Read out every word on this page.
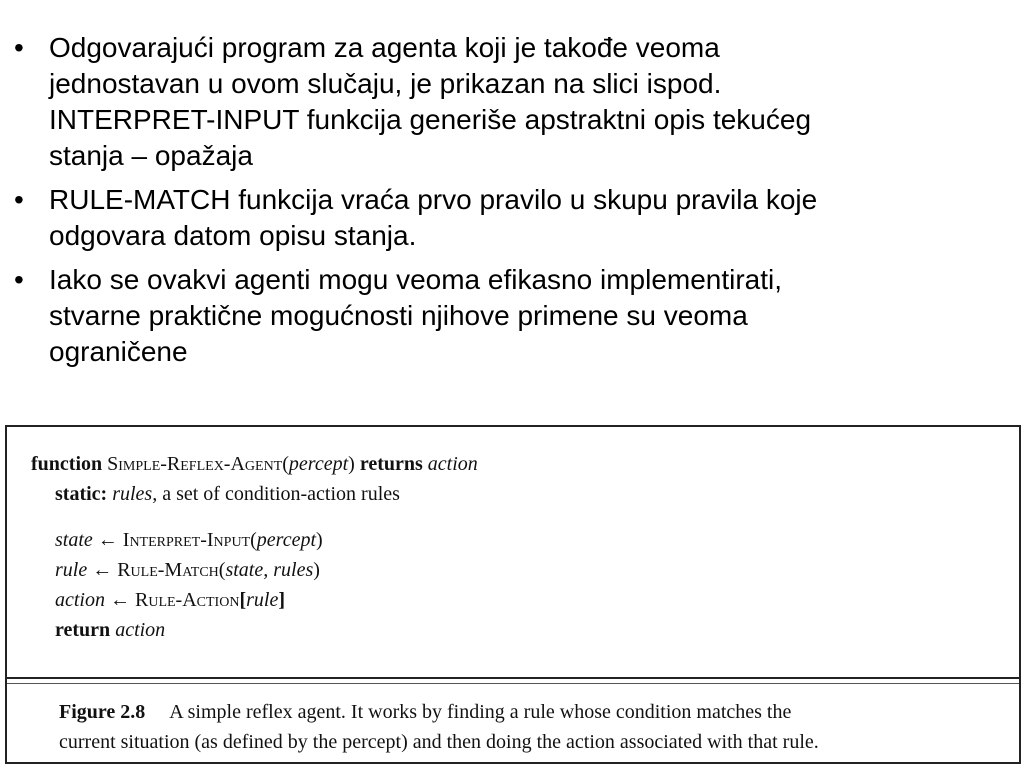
• Odgovarajući program za agenta koji je takođe veoma
jednostavan u ovom slučaju, je prikazan na slici ispod.
INTERPRET-INPUT funkcija generiše apstraktni opis tekućeg
stanja – opažaja
• RULE-MATCH funkcija vraća prvo pravilo u skupu pravila koje
odgovara datom opisu stanja.
• Iako se ovakvi agenti mogu veoma efikasno implementirati,
stvarne praktične mogućnosti njihove primene su veoma
ograničene
function Simple-Reflex-Agent(percept) returns action
static: rules, a set of condition-action rules
state ← Interpret-Input(percept)
rule ← Rule-Match(state, rules)
action ← Rule-Action[rule]
return action
Figure 2.8 A simple reflex agent. It works by finding a rule whose condition matches the
current situation (as defined by the percept) and then doing the action associated with that rule.
